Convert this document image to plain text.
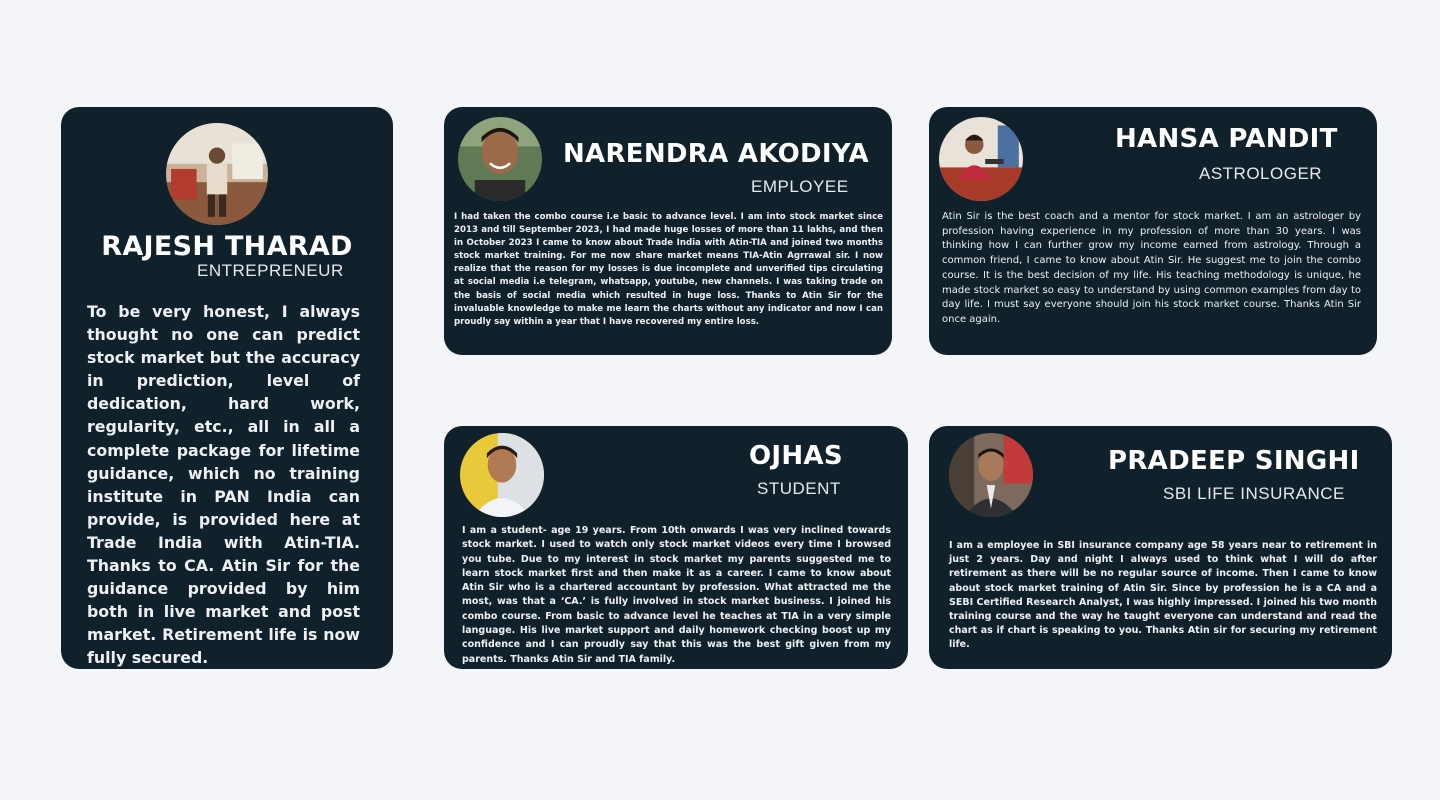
RAJESH THARAD
ENTREPRENEUR
To be very honest, I always thought no one can predict stock market but the accuracy in prediction, level of dedication, hard work, regularity, etc., all in all a complete package for lifetime guidance, which no training institute in PAN India can provide, is provided here at Trade India with Atin-TIA. Thanks to CA. Atin Sir for the guidance provided by him both in live market and post market. Retirement life is now fully secured.
NARENDRA AKODIYA
EMPLOYEE
I had taken the combo course i.e basic to advance level. I am into stock market since 2013 and till September 2023, I had made huge losses of more than 11 lakhs, and then in October 2023 I came to know about Trade India with Atin-TIA and joined two months stock market training. For me now share market means TIA-Atin Agrrawal sir. I now realize that the reason for my losses is due incomplete and unverified tips circulating at social media i.e telegram, whatsapp, youtube, new channels. I was taking trade on the basis of social media which resulted in huge loss. Thanks to Atin Sir for the invaluable knowledge to make me learn the charts without any indicator and now I can proudly say within a year that I have recovered my entire loss.
HANSA PANDIT
ASTROLOGER
Atin Sir is the best coach and a mentor for stock market. I am an astrologer by profession having experience in my profession of more than 30 years. I was thinking how I can further grow my income earned from astrology. Through a common friend, I came to know about Atin Sir. He suggest me to join the combo course. It is the best decision of my life. His teaching methodology is unique, he made stock market so easy to understand by using common examples from day to day life. I must say everyone should join his stock market course. Thanks Atin Sir once again.
OJHAS
STUDENT
I am a student- age 19 years. From 10th onwards I was very inclined towards stock market. I used to watch only stock market videos every time I browsed you tube. Due to my interest in stock market my parents suggested me to learn stock market first and then make it as a career. I came to know about Atin Sir who is a chartered accountant by profession. What attracted me the most, was that a ‘CA.’ is fully involved in stock market business. I joined his combo course. From basic to advance level he teaches at TIA in a very simple language. His live market support and daily homework checking boost up my confidence and I can proudly say that this was the best gift given from my parents. Thanks Atin Sir and TIA family.
PRADEEP SINGHI
SBI LIFE INSURANCE
I am a employee in SBI insurance company age 58 years near to retirement in just 2 years. Day and night I always used to think what I will do after retirement as there will be no regular source of income. Then I came to know about stock market training of Atin Sir. Since by profession he is a CA and a SEBI Certified Research Analyst, I was highly impressed. I joined his two month training course and the way he taught everyone can understand and read the chart as if chart is speaking to you. Thanks Atin sir for securing my retirement life.
